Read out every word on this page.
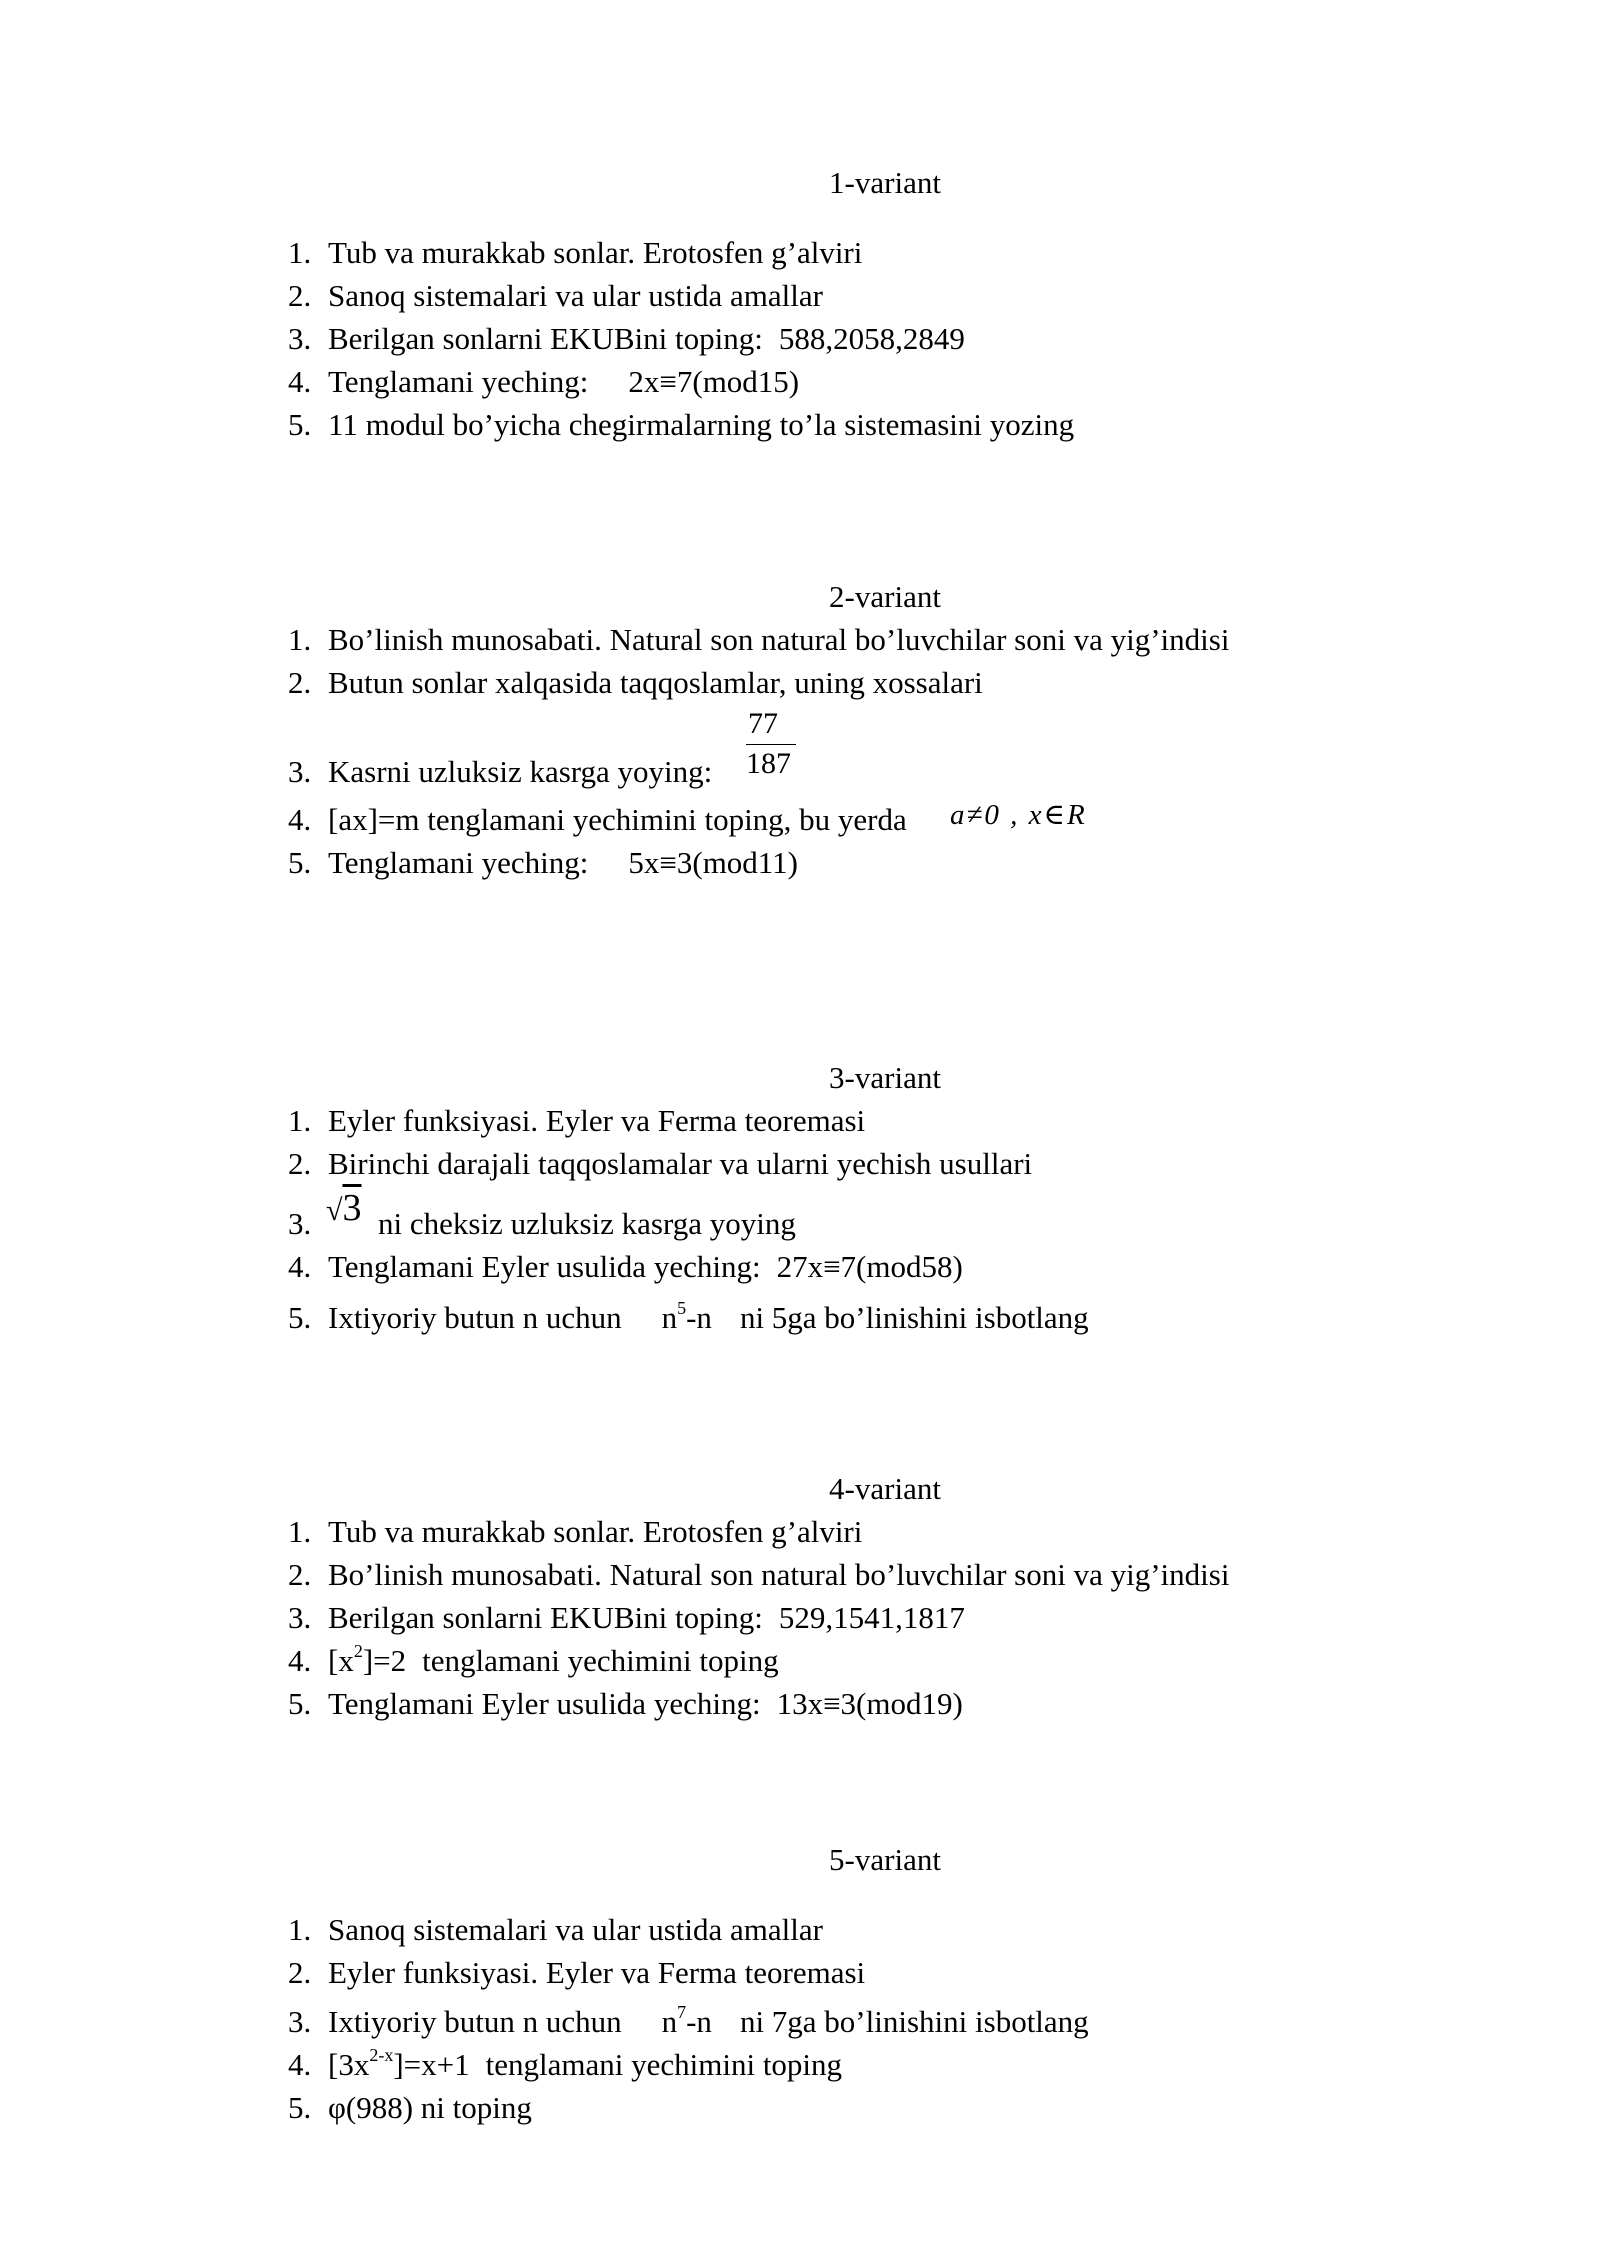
1-variant
1. Tub va murakkab sonlar. Erotosfen g’alviri
2. Sanoq sistemalari va ular ustida amallar
3. Berilgan sonlarni EKUBini toping: 588,2058,2849
4. Tenglamani yeching: 2x≡7(mod15)
5. 11 modul bo’yicha chegirmalarning to’la sistemasini yozing
2-variant
1. Bo’linish munosabati. Natural son natural bo’luvchilar soni va yig’indisi
2. Butun sonlar xalqasida taqqoslamlar, uning xossalari
3. Kasrni uzluksiz kasrga yoying:
77
187
4. [ax]=m tenglamani yechimini toping, bu yerda a≠0 , x∈R
5. Tenglamani yeching: 5x≡3(mod11)
3-variant
1. Eyler funksiyasi. Eyler va Ferma teoremasi
2. Birinchi darajali taqqoslamalar va ularni yechish usullari
3. ni cheksiz uzluksiz kasrga yoying
√3
4. Tenglamani Eyler usulida yeching: 27x≡7(mod58)
5. Ixtiyoriy butun n uchun $n^5-n$ ni 5ga bo’linishini isbotlang
4-variant
1. Tub va murakkab sonlar. Erotosfen g’alviri
2. Bo’linish munosabati. Natural son natural bo’luvchilar soni va yig’indisi
3. Berilgan sonlarni EKUBini toping: 529,1541,1817
4. $[x^2]=2$ tenglamani yechimini toping
5. Tenglamani Eyler usulida yeching: 13x≡3(mod19)
5-variant
1. Sanoq sistemalari va ular ustida amallar
2. Eyler funksiyasi. Eyler va Ferma teoremasi
3. Ixtiyoriy butun n uchun $n^7-n$ ni 7ga bo’linishini isbotlang
4. $[3x^{2-x}]=x+1$ tenglamani yechimini toping
5. φ(988) ni toping
